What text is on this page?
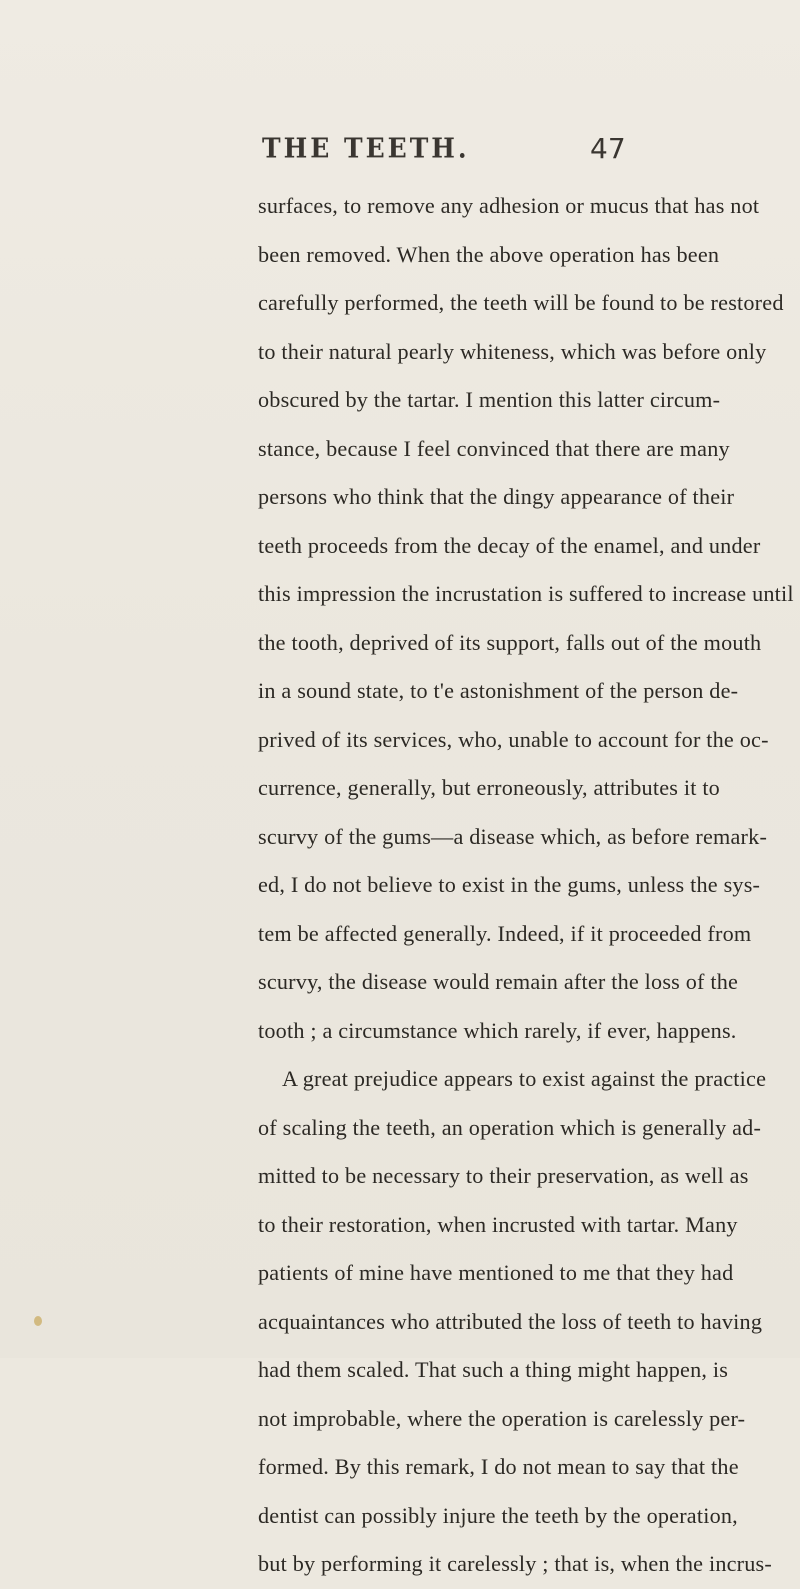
THE TEETH.	47
surfaces, to remove any adhesion or mucus that has not
been removed. When the above operation has been
carefully performed, the teeth will be found to be restored
to their natural pearly whiteness, which was before only
obscured by the tartar. I mention this latter circum-
stance, because I feel convinced that there are many
persons who think that the dingy appearance of their
teeth proceeds from the decay of the enamel, and under
this impression the incrustation is suffered to increase until
the tooth, deprived of its support, falls out of the mouth
in a sound state, to t'e astonishment of the person de-
prived of its services, who, unable to account for the oc-
currence, generally, but erroneously, attributes it to
scurvy of the gums—a disease which, as before remark-
ed, I do not believe to exist in the gums, unless the sys-
tem be affected generally. Indeed, if it proceeded from
scurvy, the disease would remain after the loss of the
tooth ; a circumstance which rarely, if ever, happens.
A great prejudice appears to exist against the practice
of scaling the teeth, an operation which is generally ad-
mitted to be necessary to their preservation, as well as
to their restoration, when incrusted with tartar. Many
patients of mine have mentioned to me that they had
acquaintances who attributed the loss of teeth to having
had them scaled. That such a thing might happen, is
not improbable, where the operation is carelessly per-
formed. By this remark, I do not mean to say that the
dentist can possibly injure the teeth by the operation,
but by performing it carelessly ; that is, when the incrus-
